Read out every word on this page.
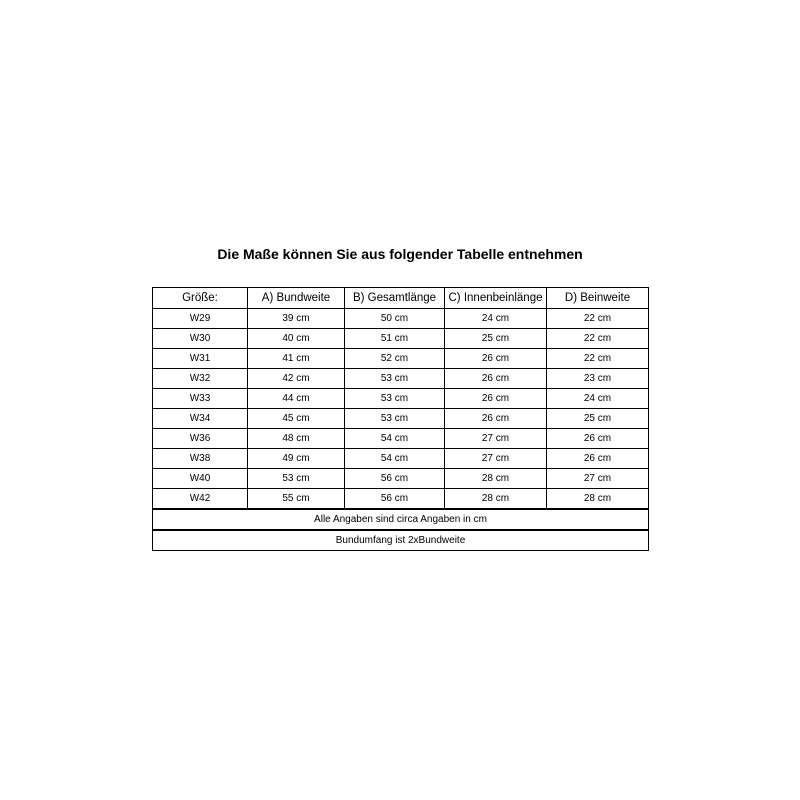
Die Maße können Sie aus folgender Tabelle entnehmen
Größe:	A) Bundweite	B) Gesamtlänge	C) Innenbeinlänge	D) Beinweite
W29	39 cm	50 cm	24 cm	22 cm
W30	40 cm	51 cm	25 cm	22 cm
W31	41 cm	52 cm	26 cm	22 cm
W32	42 cm	53 cm	26 cm	23 cm
W33	44 cm	53 cm	26 cm	24 cm
W34	45 cm	53 cm	26 cm	25 cm
W36	48 cm	54 cm	27 cm	26 cm
W38	49 cm	54 cm	27 cm	26 cm
W40	53 cm	56 cm	28 cm	27 cm
W42	55 cm	56 cm	28 cm	28 cm
Alle Angaben sind circa Angaben in cm				
Bundumfang ist 2xBundweite				
